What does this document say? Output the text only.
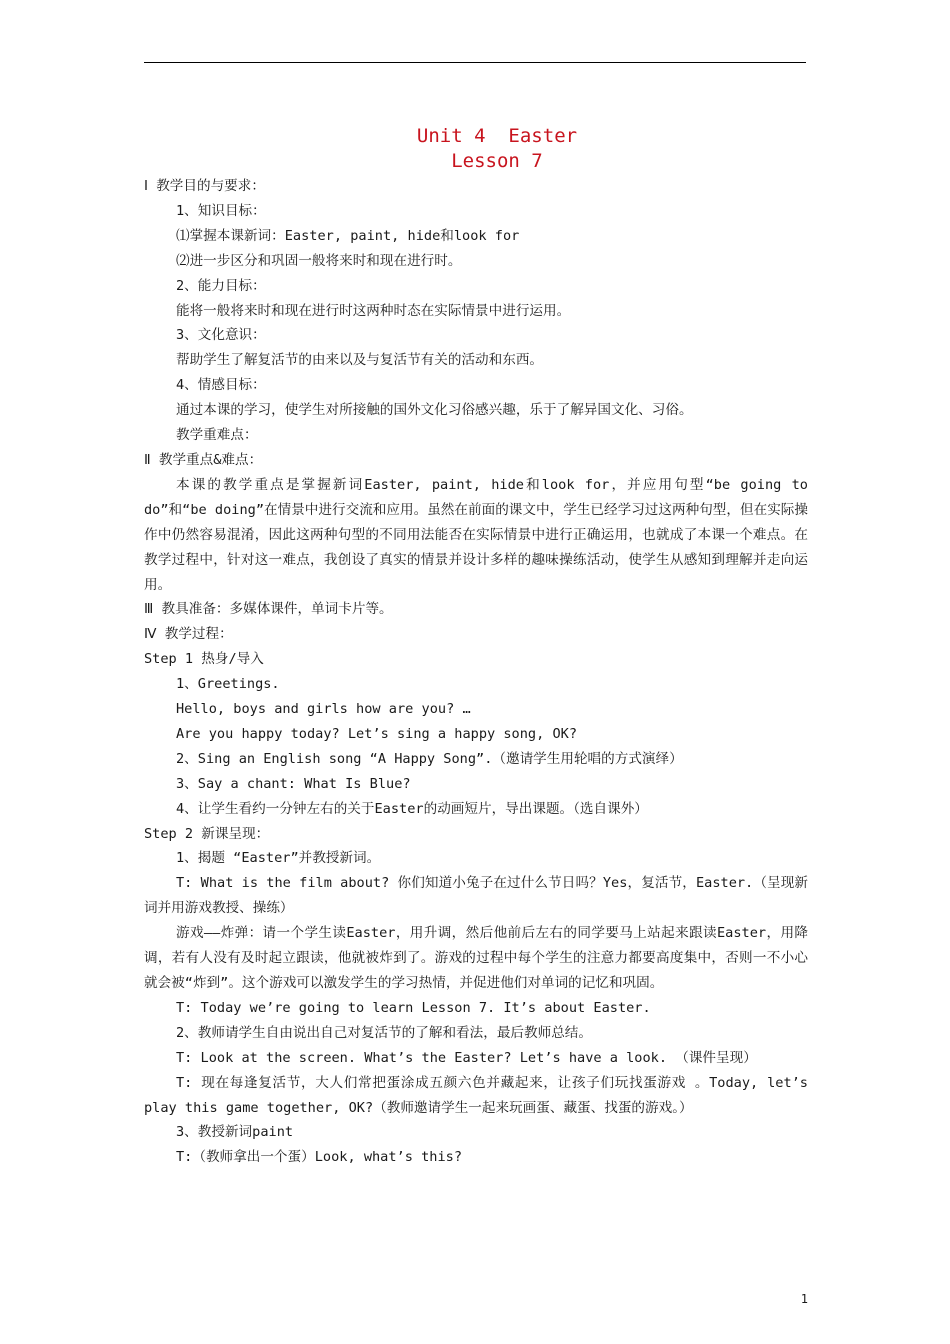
Unit 4  Easter
Lesson 7

Ⅰ 教学目的与要求：

1、知识目标：

⑴掌握本课新词：Easter, paint, hide和look for

⑵进一步区分和巩固一般将来时和现在进行时。

2、能力目标：

能将一般将来时和现在进行时这两种时态在实际情景中进行运用。

3、文化意识：

帮助学生了解复活节的由来以及与复活节有关的活动和东西。

4、情感目标：

通过本课的学习，使学生对所接触的国外文化习俗感兴趣，乐于了解异国文化、习俗。

教学重难点：

Ⅱ 教学重点&难点：

本课的教学重点是掌握新词Easter, paint, hide和look for，并应用句型“be going to do”和“be doing”在情景中进行交流和应用。虽然在前面的课文中，学生已经学习过这两种句型，但在实际操作中仍然容易混淆，因此这两种句型的不同用法能否在实际情景中进行正确运用，也就成了本课一个难点。在教学过程中，针对这一难点，我创设了真实的情景并设计多样的趣味操练活动，使学生从感知到理解并走向运用。

Ⅲ 教具准备：多媒体课件，单词卡片等。

Ⅳ 教学过程：

Step 1 热身/导入

1、Greetings.

Hello, boys and girls how are you? …

Are you happy today? Let’s sing a happy song, OK?

2、Sing an English song “A Happy Song”.（邀请学生用轮唱的方式演绎）

3、Say a chant: What Is Blue?

4、让学生看约一分钟左右的关于Easter的动画短片，导出课题。（选自课外）

Step 2 新课呈现：

1、揭题 “Easter”并教授新词。

T: What is the film about? 你们知道小兔子在过什么节日吗？Yes，复活节，Easter.（呈现新词并用游戏教授、操练）

游戏——炸弹：请一个学生读Easter，用升调，然后他前后左右的同学要马上站起来跟读Easter，用降调，若有人没有及时起立跟读，他就被炸到了。游戏的过程中每个学生的注意力都要高度集中，否则一不小心就会被“炸到”。这个游戏可以激发学生的学习热情，并促进他们对单词的记忆和巩固。

T: Today we’re going to learn Lesson 7. It’s about Easter.

2、教师请学生自由说出自己对复活节的了解和看法，最后教师总结。

T: Look at the screen. What’s the Easter? Let’s have a look. （课件呈现）

T: 现在每逢复活节，大人们常把蛋涂成五颜六色并藏起来，让孩子们玩找蛋游戏 。Today, let’s play this game together, OK?（教师邀请学生一起来玩画蛋、藏蛋、找蛋的游戏。）

3、教授新词paint

T:（教师拿出一个蛋）Look, what’s this?

1
